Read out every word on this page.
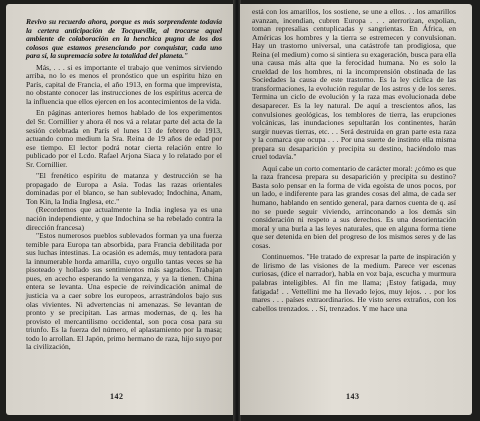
Revivo su recuerdo ahora, porque es más sorprendente todavía la certera anticipación de Tocqueville, al trocarse aquel ambiente de colaboración en la henchica pugna de los dos colosos que estamos presenciando por conquistar, cada uno para sí, la supremacía sobre la totalidad del planeta."

Más, . . . si es importante el trabajo que venimos sirviendo arriba, no lo es menos el pronóstico que un espíritu hizo en París, capital de Francia, el año 1913, en forma que imprevista, no obstante conocer las instrucciones de los espíritus acerca de la influencia que ellos ejercen en los acontecimientos de la vida.

En páginas anteriores hemos hablado de los experimentos del Sr. Cornillier y ahora él nos vá a relatar parte del acta de la sesión celebrada en París el lunes 13 de febrero de 1913, actuando como medium la Sra. Reina de 19 años de edad por ese tiempo. El lector podrá notar cierta relación entre lo publicado por el Lcdo. Rafael Arjona Siaca y lo relatado por el Sr. Cornillier.

"El frenético espíritu de matanza y destrucción se ha propagado de Europa a Asia. Todas las razas orientales dominadas por el blanco, se han sublevado; Indochina, Anam, Ton Kin, la India Inglesa, etc."

(Recordemos que actualmente la India inglesa ya es una nación independiente, y que Indochina se ha rebelado contra la dirección francesa)

"Estos numerosos pueblos sublevados forman ya una fuerza temible para Europa tan absorbida, para Francia debilitada por sus luchas intestinas. La ocasión es además, muy tentadora para la innumerable horda amarilla, cuyo orgullo tantas veces se ha pisoteado y hollado sus sentimientos más sagrados. Trabajan pues, en acecho esperando la venganza, y ya la tienen. China entera se levanta. Una especie de reivindicación animal de justicia va a caer sobre los europeos, arrastrándolos bajo sus olas vivientes. Ni advertencias ni amenazas. Se levantan de pronto y se precipitan. Las armas modernas, de q. les ha provisto el mercantilismo occidental, son poca cosa para su triunfo. Es la fuerza del número, el aplastamiento por la masa; todo lo arrollan. El Japón, primo hermano de raza, hijo suyo por la civilización,

142

está con los amarillos, los sostiene, se une a ellos. . . los amarillos avanzan, incendian, cubren Europa . . . aterrorizan, expolian, toman represalias centuplicadas y sangrientas. En África, en Américas los hombres y la tierra se estremecen y convulsionan. Hay un trastorno universal, una catástrofe tan prodigiosa, que Reina (el medium) como si sintiera su exageración, busca para ella una causa más alta que la ferocidad humana. No es solo la crueldad de los hombres, ni la incomprensión obstinada de las Sociedades la causa de este trastorno. Es la ley cíclica de las transformaciones, la evolución regular de los astros y de los seres. Termina un ciclo de evolución y la raza mas evolucionada debe desaparecer. Es la ley natural. De aquí a trescientos años, las convulsiones geológicas, los temblores de tierra, las erupciones volcánicas, las inundaciones sepultarán los continentes, harán surgir nuevas tierras, etc. . . Será destruida en gran parte esta raza y la comarca que ocupa . . . Por una suerte de instinto ella misma prepara su desaparición y precipita su destino, haciéndolo mas cruel todavía."

Aquí cabe un corto comentario de carácter moral: ¿cómo es que la raza francesa prepara su desaparición y precipita su destino? Basta solo pensar en la forma de vida egoísta de unos pocos, por un lado, e indiferente para las grandes cosas del alma, de cada ser humano, hablando en sentido general, para darnos cuenta de q. así no se puede seguir viviendo, arrinconando a los demás sin consideración ni respeto a sus derechos. Es una desorientación moral y una burla a las leyes naturales, que en alguna forma tiene que ser detenida en bien del progreso de los mismos seres y de las cosas.

Continuemos. "He tratado de expresar la parte de inspiración y de lirismo de las visiones de la medium. Parece ver escenas curiosas, (dice el narrador), habla en voz baja, escucha y murmura palabras inteligibles. Al fin me llama; ¡Estoy fatigada, muy fatigada! . . Vettellini me ha llevado lejos, muy lejos. . . por los mares . . . países extraordinarios. He visto seres extraños, con los cabellos trenzados. . . Sí, trenzados. Y me hace una

143
